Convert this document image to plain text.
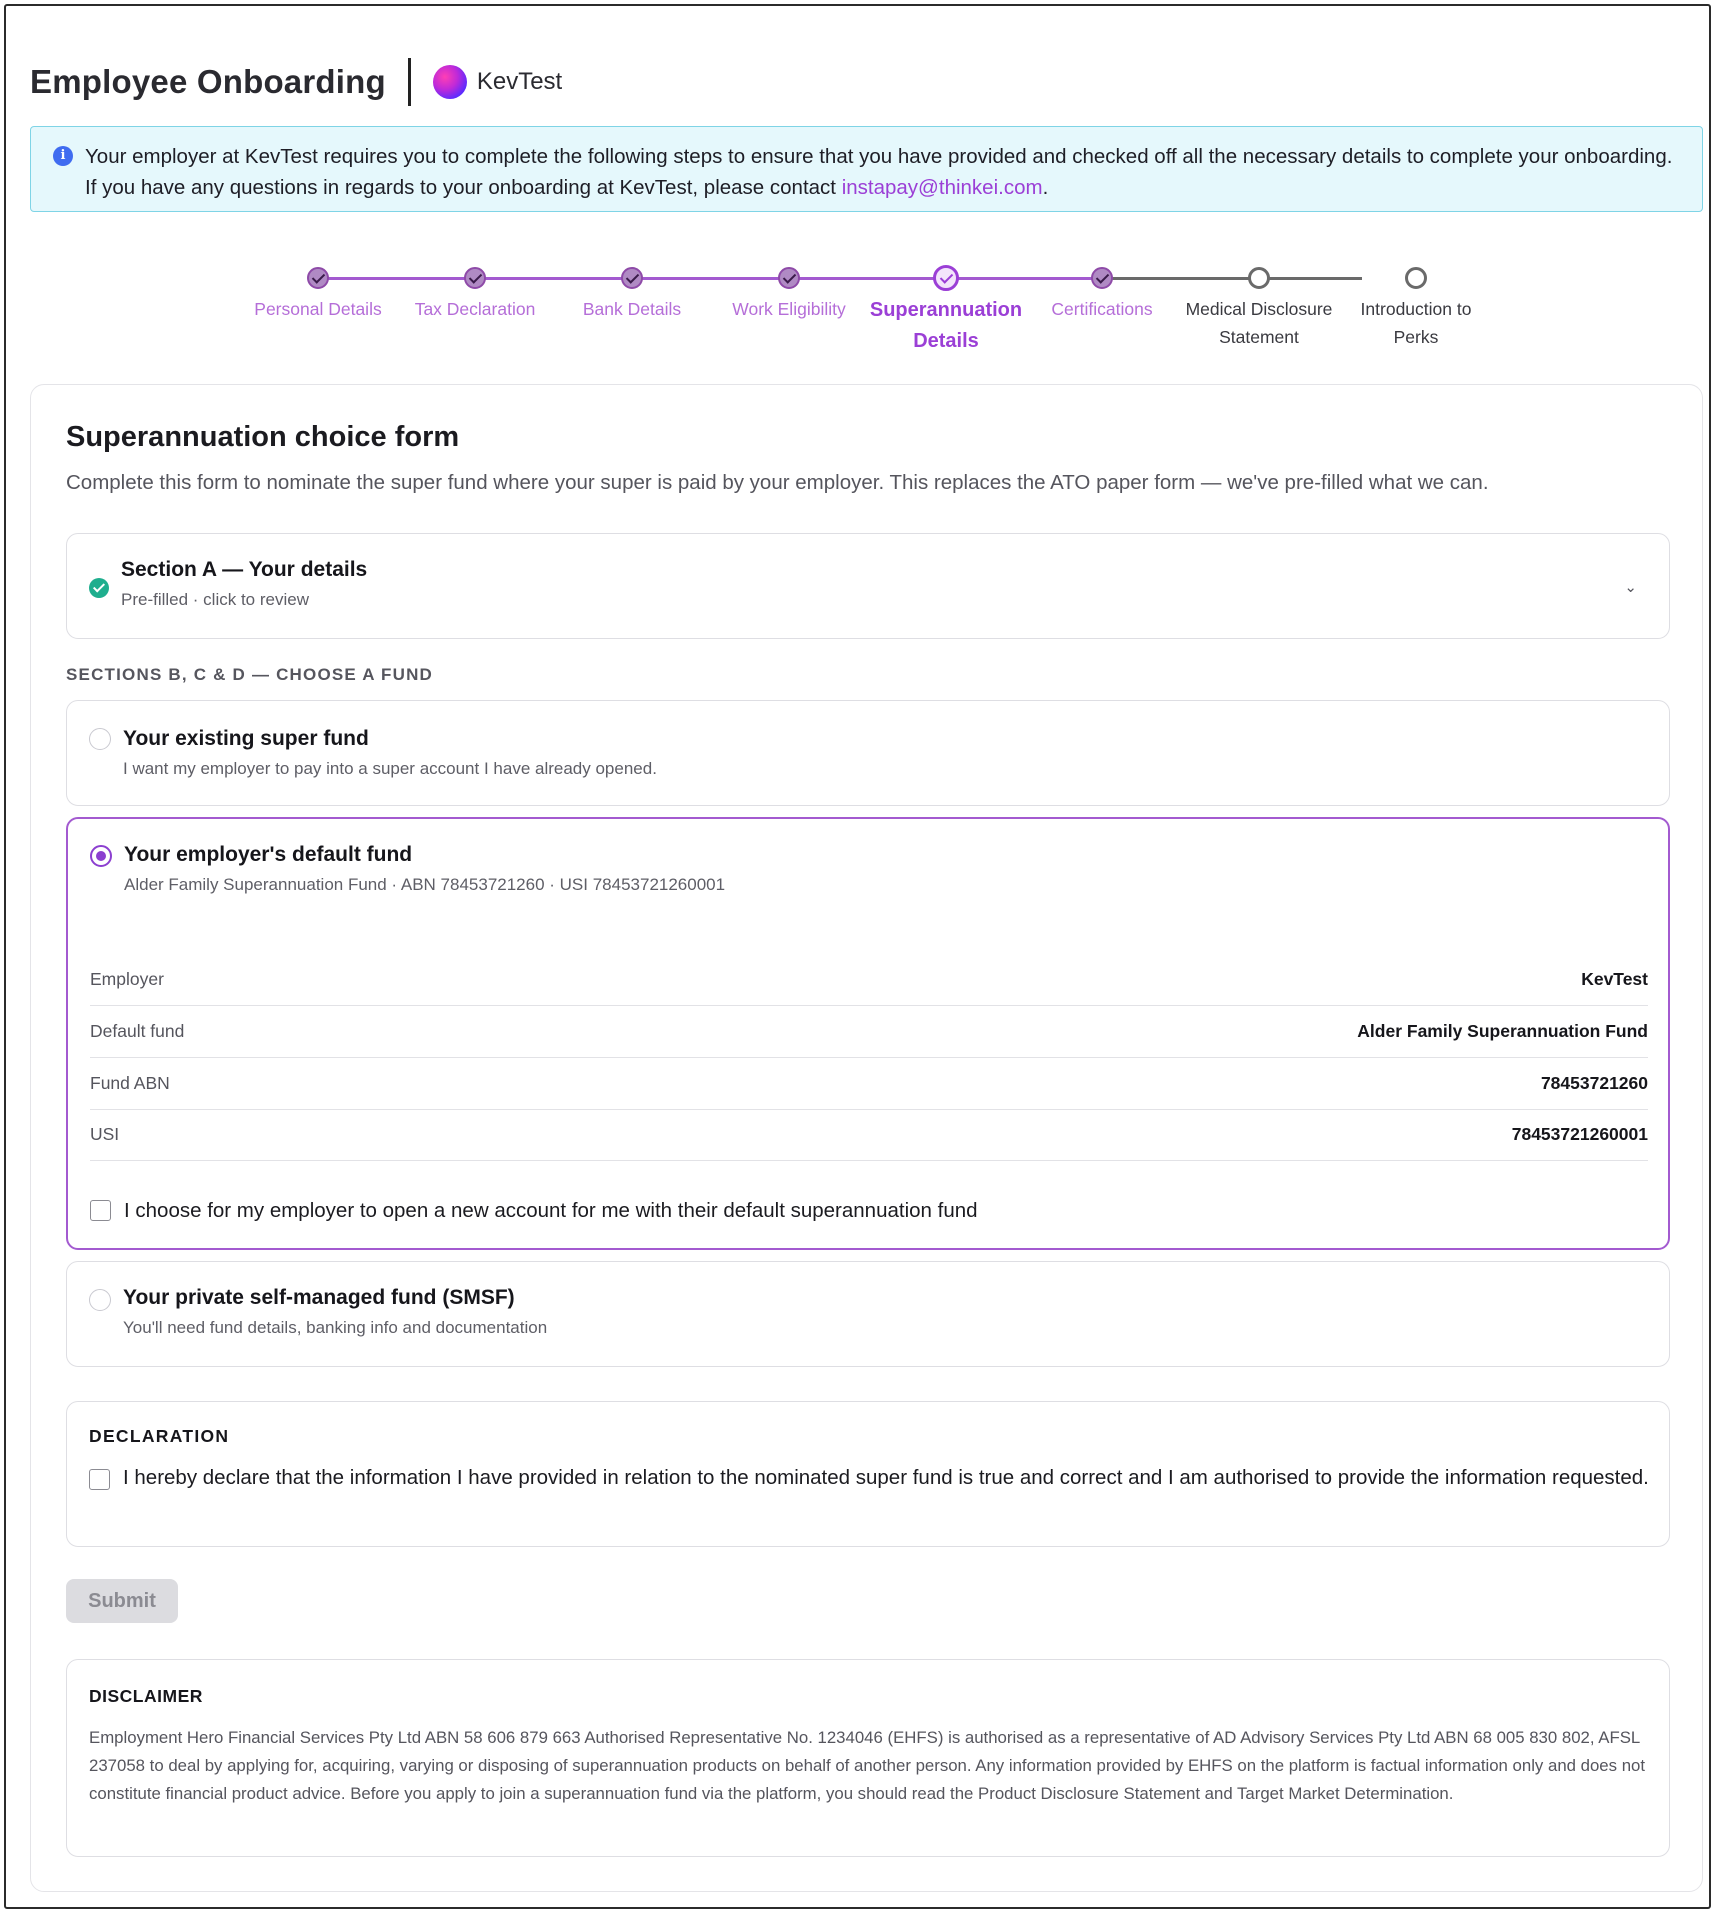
Employee Onboarding	KevTest
i Your employer at KevTest requires you to complete the following steps to ensure that you have provided and checked off all the necessary details to complete your onboarding. If you have any questions in regards to your onboarding at KevTest, please contact instapay@thinkei.com.
Personal Details	Tax Declaration	Bank Details	Work Eligibility	Superannuation Details
Certifications	Medical Disclosure Statement
Introduction to Perks
Superannuation choice form
Complete this form to nominate the super fund where your super is paid by your employer. This replaces the ATO paper form — we've pre-filled what we can.
Section A — Your details
Pre-filled · click to review
⌄
SECTIONS B, C & D — CHOOSE A FUND
Your existing super fund
I want my employer to pay into a super account I have already opened.
Your employer's default fund
Alder Family Superannuation Fund · ABN 78453721260 · USI 78453721260001
Employer	KevTest
Default fund	Alder Family Superannuation Fund
Fund ABN	78453721260
USI	78453721260001
I choose for my employer to open a new account for me with their default superannuation fund
Your private self-managed fund (SMSF)
You'll need fund details, banking info and documentation
DECLARATION
I hereby declare that the information I have provided in relation to the nominated super fund is true and correct and I am authorised to provide the information requested.
Submit
DISCLAIMER
Employment Hero Financial Services Pty Ltd ABN 58 606 879 663 Authorised Representative No. 1234046 (EHFS) is authorised as a representative of AD Advisory Services Pty Ltd ABN 68 005 830 802, AFSL 237058 to deal by applying for, acquiring, varying or disposing of superannuation products on behalf of another person. Any information provided by EHFS on the platform is factual information only and does not constitute financial product advice. Before you apply to join a superannuation fund via the platform, you should read the Product Disclosure Statement and Target Market Determination.
